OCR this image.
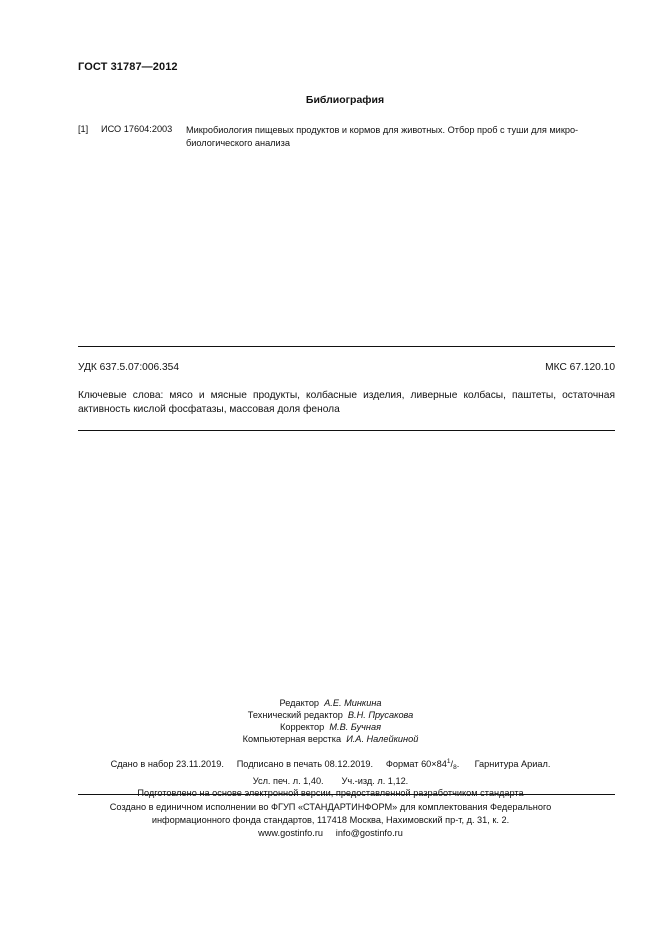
ГОСТ 31787—2012
Библиография
[1] ИСО 17604:2003 Микробиология пищевых продуктов и кормов для животных. Отбор проб с туши для микро-
биологического анализа
УДК 637.5.07:006.354	МКС 67.120.10
Ключевые слова: мясо и мясные продукты, колбасные изделия, ливерные колбасы, паштеты, остаточная активность кислой фосфатазы, массовая доля фенола
Редактор А.Е. Минкина
Технический редактор В.Н. Прусакова
Корректор М.В. Бучная
Компьютерная верстка И.А. Налейкиной
Сдано в набор 23.11.2019. Подписано в печать 08.12.2019. Формат $60\times 84^1/_8$. Гарнитура Ариал.
Усл. печ. л. 1,40. Уч.-изд. л. 1,12.
Подготовлено на основе электронной версии, предоставленной разработчиком стандарта
Создано в единичном исполнении во ФГУП «СТАНДАРТИНФОРМ» для комплектования Федерального
информационного фонда стандартов, 117418 Москва, Нахимовский пр-т, д. 31, к. 2.
www.gostinfo.ru info@gostinfo.ru
